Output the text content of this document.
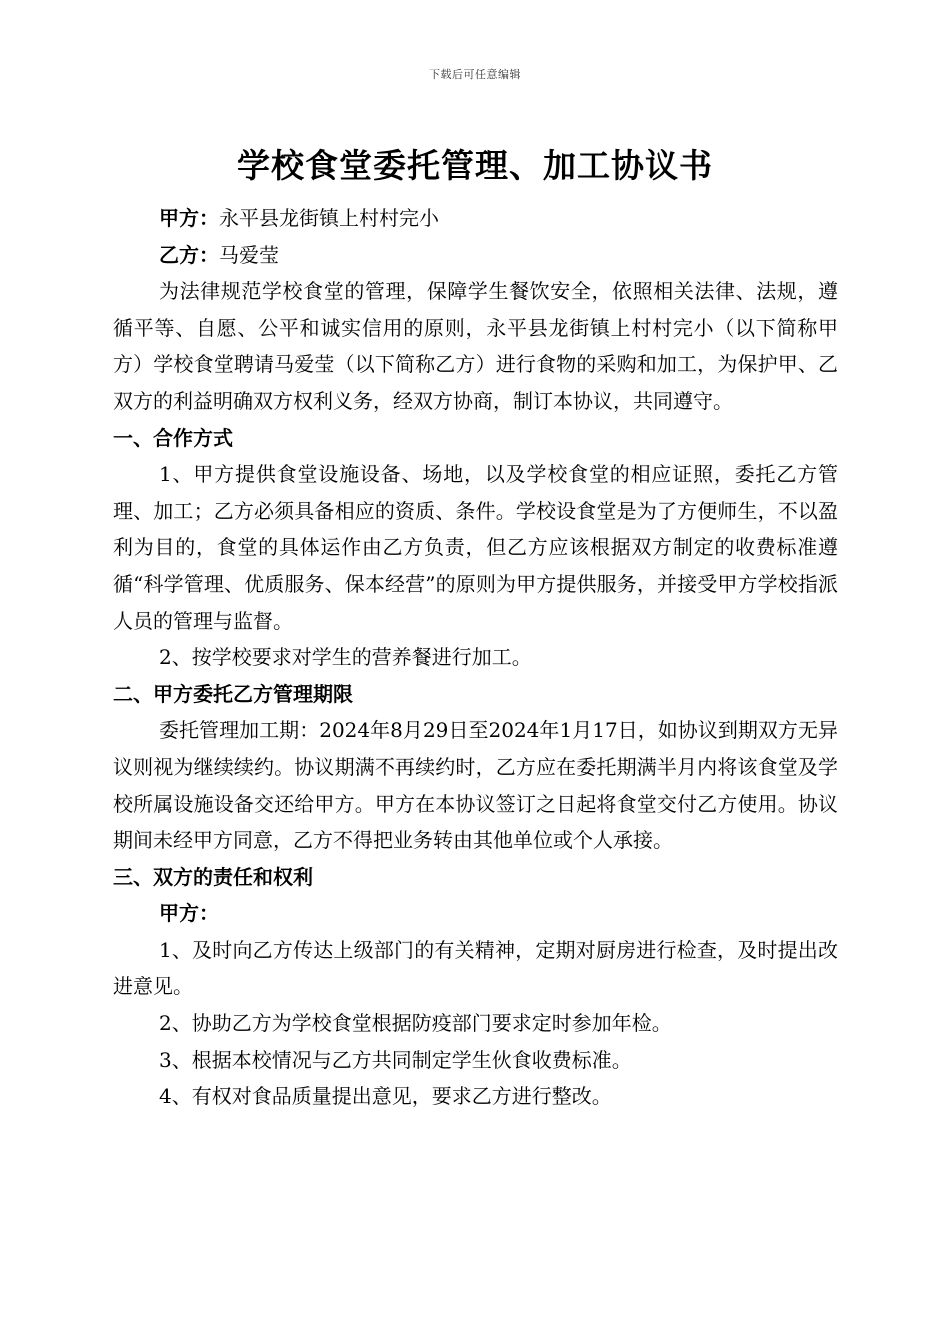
下载后可任意编辑
学校食堂委托管理、加工协议书

甲方：永平县龙街镇上村村完小

乙方：马爱莹

为法律规范学校食堂的管理，保障学生餐饮安全，依照相关法律、法规，遵循平等、自愿、公平和诚实信用的原则，永平县龙街镇上村村完小（以下简称甲方）学校食堂聘请马爱莹（以下简称乙方）进行食物的采购和加工，为保护甲、乙双方的利益明确双方权利义务，经双方协商，制订本协议，共同遵守。

一、合作方式

1、甲方提供食堂设施设备、场地，以及学校食堂的相应证照，委托乙方管理、加工；乙方必须具备相应的资质、条件。学校设食堂是为了方便师生，不以盈利为目的，食堂的具体运作由乙方负责，但乙方应该根据双方制定的收费标准遵循“科学管理、优质服务、保本经营”的原则为甲方提供服务，并接受甲方学校指派人员的管理与监督。

2、按学校要求对学生的营养餐进行加工。

二、甲方委托乙方管理期限

委托管理加工期：2024年8月29日至2024年1月17日，如协议到期双方无异议则视为继续续约。协议期满不再续约时，乙方应在委托期满半月内将该食堂及学校所属设施设备交还给甲方。甲方在本协议签订之日起将食堂交付乙方使用。协议期间未经甲方同意，乙方不得把业务转由其他单位或个人承接。

三、双方的责任和权利

甲方：

1、及时向乙方传达上级部门的有关精神，定期对厨房进行检查，及时提出改进意见。

2、协助乙方为学校食堂根据防疫部门要求定时参加年检。

3、根据本校情况与乙方共同制定学生伙食收费标准。

4、有权对食品质量提出意见，要求乙方进行整改。
